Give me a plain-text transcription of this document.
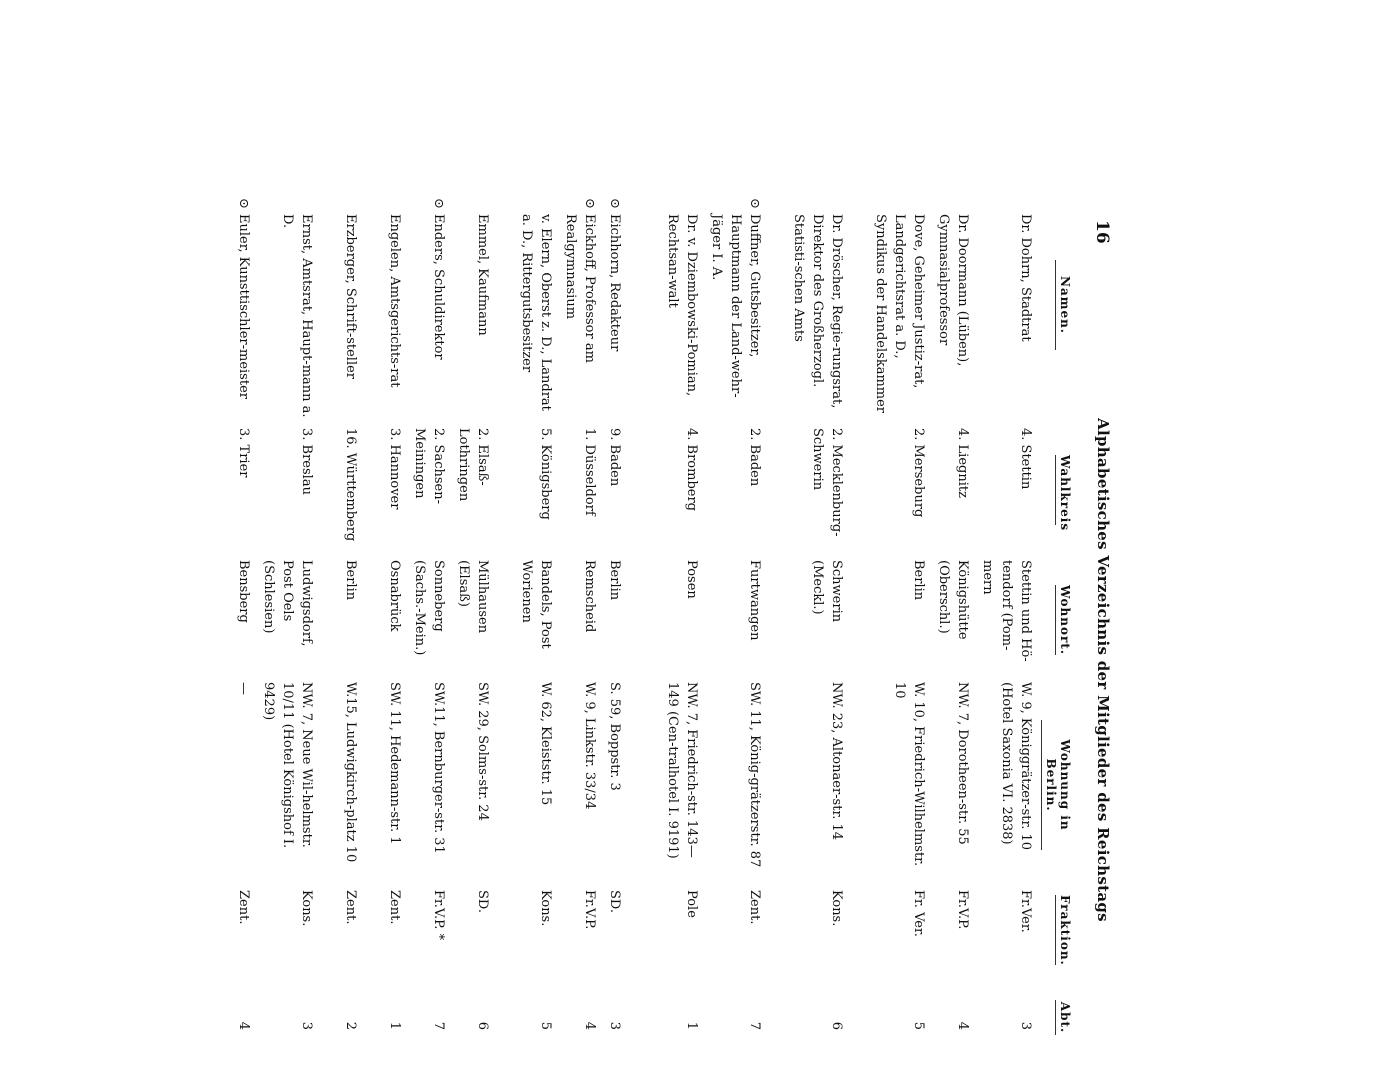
16
Alphabetisches Verzeichnis der Mitglieder des Reichstags
Namen.
Wahlkreis
Wohnort.
Wohnung in Berlin.
Fraktion.
Abt.
Dr. Dohrn, Stadtrat
4. Stettin
Stettin und Hö-tendorf (Pom-mern
W. 9, Königgrätzer-str. 10 (Hotel Saxonia VI. 2838)
Fr.Ver.
3
Dr. Doormann (Lüben), Gymnasialprofessor
4. Liegnitz
Königshütte (Oberschl.)
NW. 7, Dorotheen-str. 55
Fr.V.P.
4
Dove, Geheimer Justiz-rat, Landgerichtsrat a. D., Syndikus der Handelskammer
2. Merseburg
Berlin
W. 10, Friedrich-Wilhelmstr. 10
Fr. Ver.
5
Dr. Dröscher, Regie-rungsrat, Direktor des Großherzogl. Statisti-schen Amts
2. Mecklenburg-Schwerin
Schwerin (Meckl.)
NW. 23, Altonaer-str. 14
Kons.
6
⊙
Duffner, Gutsbesitzer, Hauptmann der Land-wehr-Jäger I. A.
2. Baden
Furtwangen
SW. 11, König-grätzerstr. 87
Zent.
7
Dr. v. Dziembowski-Pomian, Rechtsan-walt
4. Bromberg
Posen
NW. 7, Friedrich-str. 143—149 (Cen-tralhotel I. 9191)
Pole
1
⊙
Eichhorn, Redakteur
9. Baden
Berlin
S. 59, Boppstr. 3
SD.
3
⊙
Eickhoff, Professor am Realgymnasium
1. Düsseldorf
Remscheid
W. 9, Linkstr. 33/34
Fr.V.P.
4
v. Elern, Oberst z. D., Landrat a. D., Rittergutsbesitzer
5. Königsberg
Bandels, Post Worienen
W. 62, Kleiststr. 15
Kons.
5
Emmel, Kaufmann
2. Elsaß-Lothringen
Mülhausen (Elsaß)
SW. 29, Solms-str. 24
SD.
6
⊙
Enders, Schuldirektor
2. Sachsen-Meiningen
Sonneberg (Sachs.-Mein.)
SW.11, Bernburger-str. 31
Fr.V.P. *
7
Engelen, Amtsgerichts-rat
3. Hannover
Osnabrück
SW. 11, Hedemann-str. 1
Zent.
1
Erzberger, Schrift-steller
16. Württemberg
Berlin
W.15, Ludwigkirch-platz 10
Zent.
2
Ernst, Amtsrat, Haupt-mann a. D.
3. Breslau
Ludwigsdorf, Post Oels (Schlesien)
NW. 7, Neue Wil-helmstr. 10/11 (Hotel Königshof I. 9429)
Kons.
3
⊙
Euler, Kunsttischler-meister
3. Trier
Bensberg
—
Zent.
4
